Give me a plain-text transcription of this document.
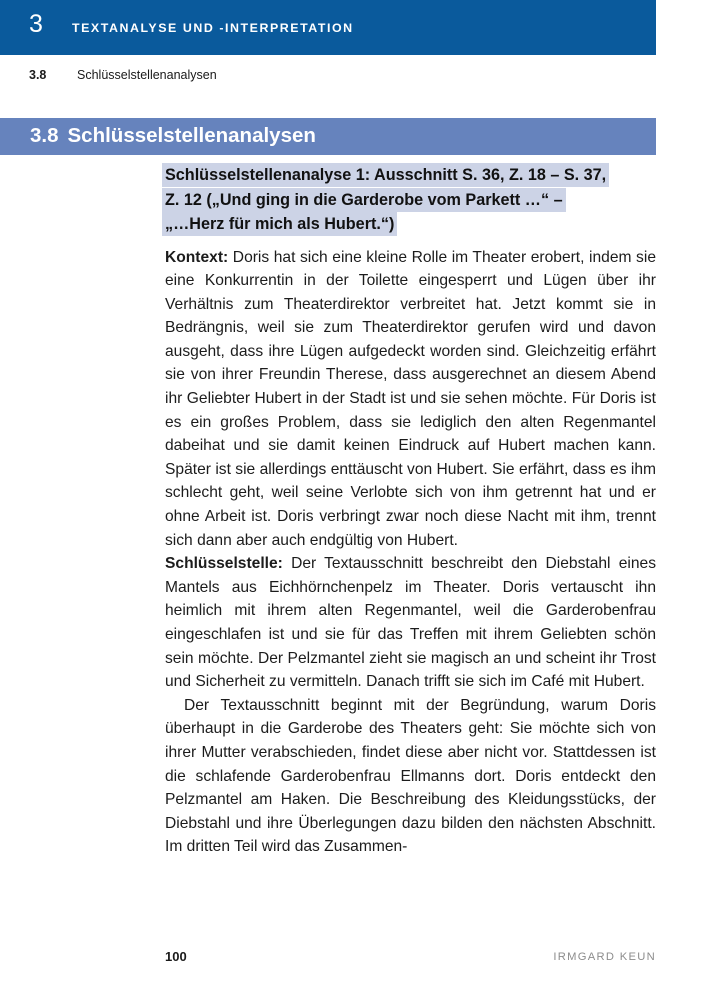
3 TEXTANALYSE UND -INTERPRETATION
3.8 Schlüsselstellenanalysen
3.8 Schlüsselstellenanalysen
Schlüsselstellenanalyse 1: Ausschnitt S. 36, Z. 18 – S. 37,
Z. 12 („Und ging in die Garderobe vom Parkett …“ –
„…Herz für mich als Hubert.“)

Kontext: Doris hat sich eine kleine Rolle im Theater erobert, indem sie eine Konkurrentin in der Toilette eingesperrt und Lügen über ihr Verhältnis zum Theaterdirektor verbreitet hat. Jetzt kommt sie in Bedrängnis, weil sie zum Theaterdirektor gerufen wird und davon ausgeht, dass ihre Lügen aufgedeckt worden sind. Gleichzeitig erfährt sie von ihrer Freundin Therese, dass ausgerechnet an diesem Abend ihr Geliebter Hubert in der Stadt ist und sie sehen möchte. Für Doris ist es ein großes Problem, dass sie lediglich den alten Regenmantel dabeihat und sie damit keinen Eindruck auf Hubert machen kann. Später ist sie allerdings enttäuscht von Hubert. Sie erfährt, dass es ihm schlecht geht, weil seine Verlobte sich von ihm getrennt hat und er ohne Arbeit ist. Doris verbringt zwar noch diese Nacht mit ihm, trennt sich dann aber auch endgültig von Hubert.

Schlüsselstelle: Der Textausschnitt beschreibt den Diebstahl eines Mantels aus Eichhörnchenpelz im Theater. Doris vertauscht ihn heimlich mit ihrem alten Regenmantel, weil die Garderobenfrau eingeschlafen ist und sie für das Treffen mit ihrem Geliebten schön sein möchte. Der Pelzmantel zieht sie magisch an und scheint ihr Trost und Sicherheit zu vermitteln. Danach trifft sie sich im Café mit Hubert.

Der Textausschnitt beginnt mit der Begründung, warum Doris überhaupt in die Garderobe des Theaters geht: Sie möchte sich von ihrer Mutter verabschieden, findet diese aber nicht vor. Stattdessen ist die schlafende Garderobenfrau Ellmanns dort. Doris entdeckt den Pelzmantel am Haken. Die Beschreibung des Kleidungsstücks, der Diebstahl und ihre Überlegungen dazu bilden den nächsten Abschnitt. Im dritten Teil wird das Zusammen-

100	IRMGARD KEUN
